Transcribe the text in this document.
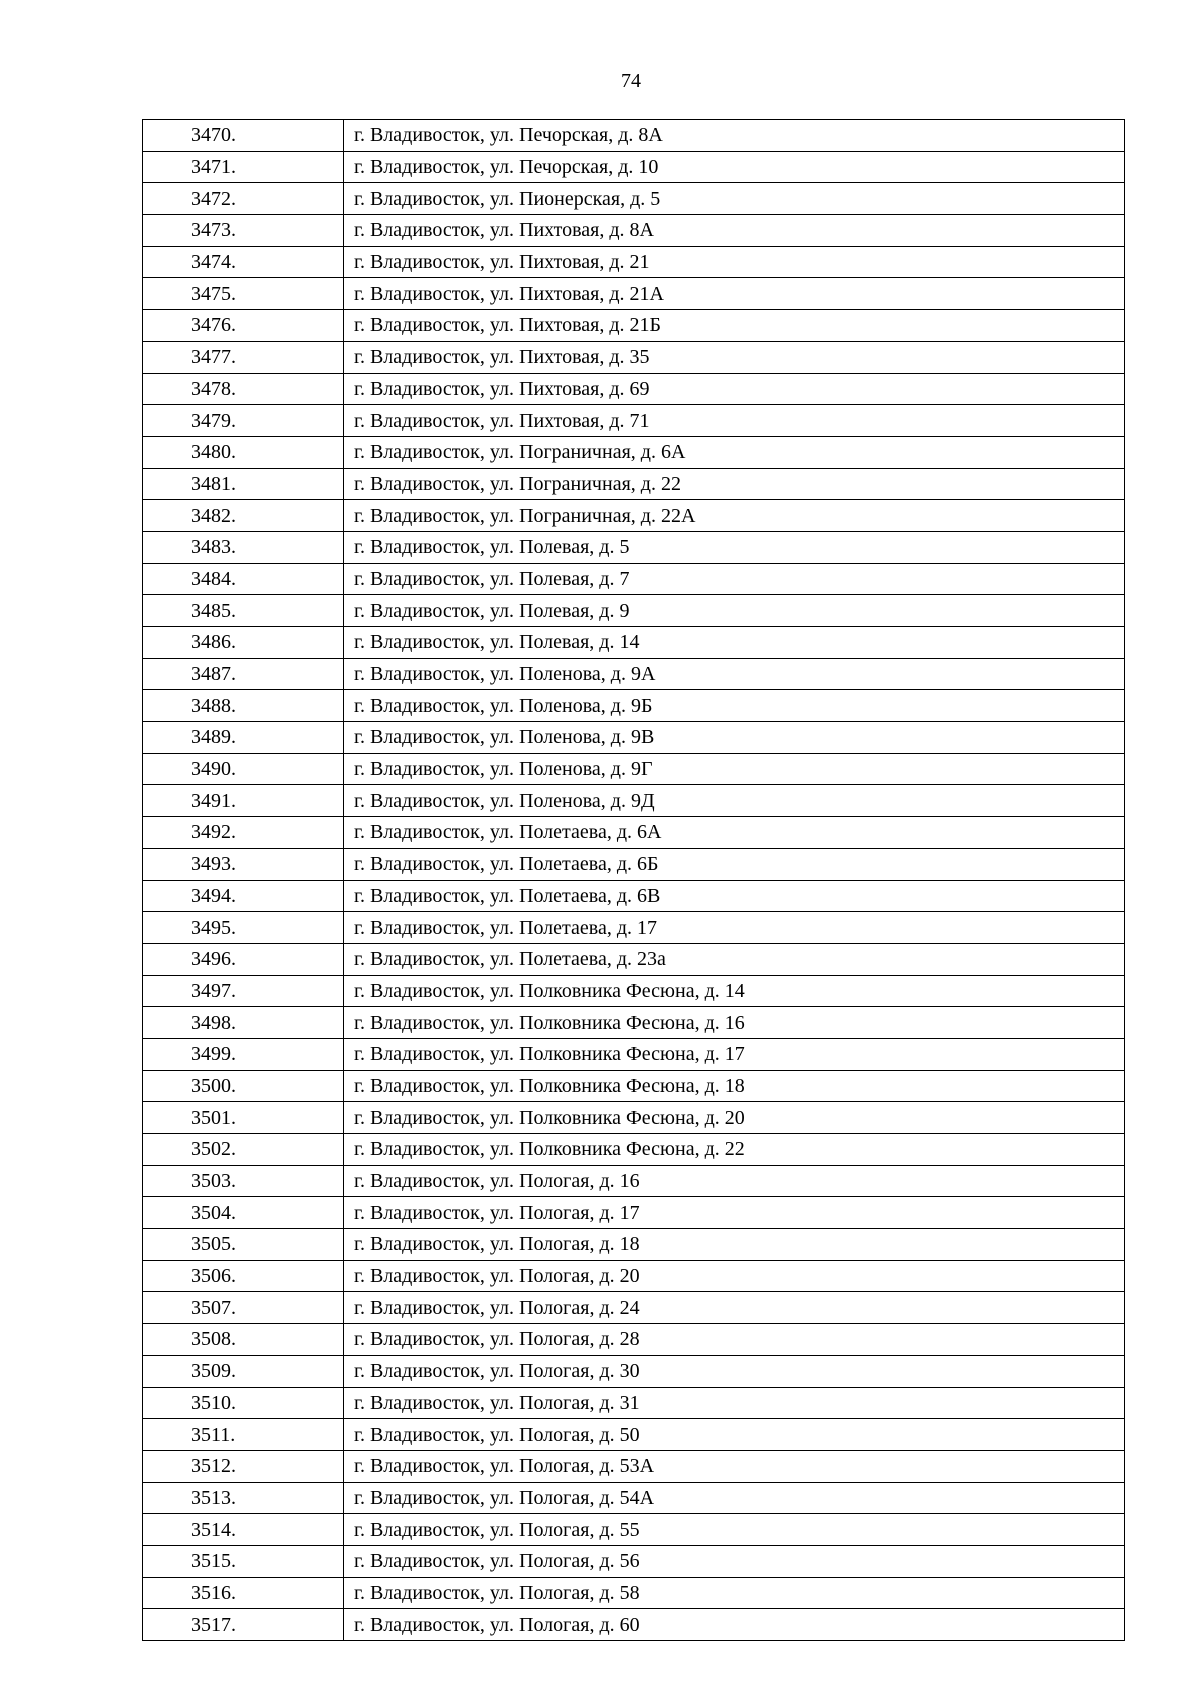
74
3470.	г. Владивосток, ул. Печорская, д. 8А
3471.	г. Владивосток, ул. Печорская, д. 10
3472.	г. Владивосток, ул. Пионерская, д. 5
3473.	г. Владивосток, ул. Пихтовая, д. 8А
3474.	г. Владивосток, ул. Пихтовая, д. 21
3475.	г. Владивосток, ул. Пихтовая, д. 21А
3476.	г. Владивосток, ул. Пихтовая, д. 21Б
3477.	г. Владивосток, ул. Пихтовая, д. 35
3478.	г. Владивосток, ул. Пихтовая, д. 69
3479.	г. Владивосток, ул. Пихтовая, д. 71
3480.	г. Владивосток, ул. Пограничная, д. 6А
3481.	г. Владивосток, ул. Пограничная, д. 22
3482.	г. Владивосток, ул. Пограничная, д. 22А
3483.	г. Владивосток, ул. Полевая, д. 5
3484.	г. Владивосток, ул. Полевая, д. 7
3485.	г. Владивосток, ул. Полевая, д. 9
3486.	г. Владивосток, ул. Полевая, д. 14
3487.	г. Владивосток, ул. Поленова, д. 9А
3488.	г. Владивосток, ул. Поленова, д. 9Б
3489.	г. Владивосток, ул. Поленова, д. 9В
3490.	г. Владивосток, ул. Поленова, д. 9Г
3491.	г. Владивосток, ул. Поленова, д. 9Д
3492.	г. Владивосток, ул. Полетаева, д. 6А
3493.	г. Владивосток, ул. Полетаева, д. 6Б
3494.	г. Владивосток, ул. Полетаева, д. 6В
3495.	г. Владивосток, ул. Полетаева, д. 17
3496.	г. Владивосток, ул. Полетаева, д. 23а
3497.	г. Владивосток, ул. Полковника Фесюна, д. 14
3498.	г. Владивосток, ул. Полковника Фесюна, д. 16
3499.	г. Владивосток, ул. Полковника Фесюна, д. 17
3500.	г. Владивосток, ул. Полковника Фесюна, д. 18
3501.	г. Владивосток, ул. Полковника Фесюна, д. 20
3502.	г. Владивосток, ул. Полковника Фесюна, д. 22
3503.	г. Владивосток, ул. Пологая, д. 16
3504.	г. Владивосток, ул. Пологая, д. 17
3505.	г. Владивосток, ул. Пологая, д. 18
3506.	г. Владивосток, ул. Пологая, д. 20
3507.	г. Владивосток, ул. Пологая, д. 24
3508.	г. Владивосток, ул. Пологая, д. 28
3509.	г. Владивосток, ул. Пологая, д. 30
3510.	г. Владивосток, ул. Пологая, д. 31
3511.	г. Владивосток, ул. Пологая, д. 50
3512.	г. Владивосток, ул. Пологая, д. 53А
3513.	г. Владивосток, ул. Пологая, д. 54А
3514.	г. Владивосток, ул. Пологая, д. 55
3515.	г. Владивосток, ул. Пологая, д. 56
3516.	г. Владивосток, ул. Пологая, д. 58
3517.	г. Владивосток, ул. Пологая, д. 60
